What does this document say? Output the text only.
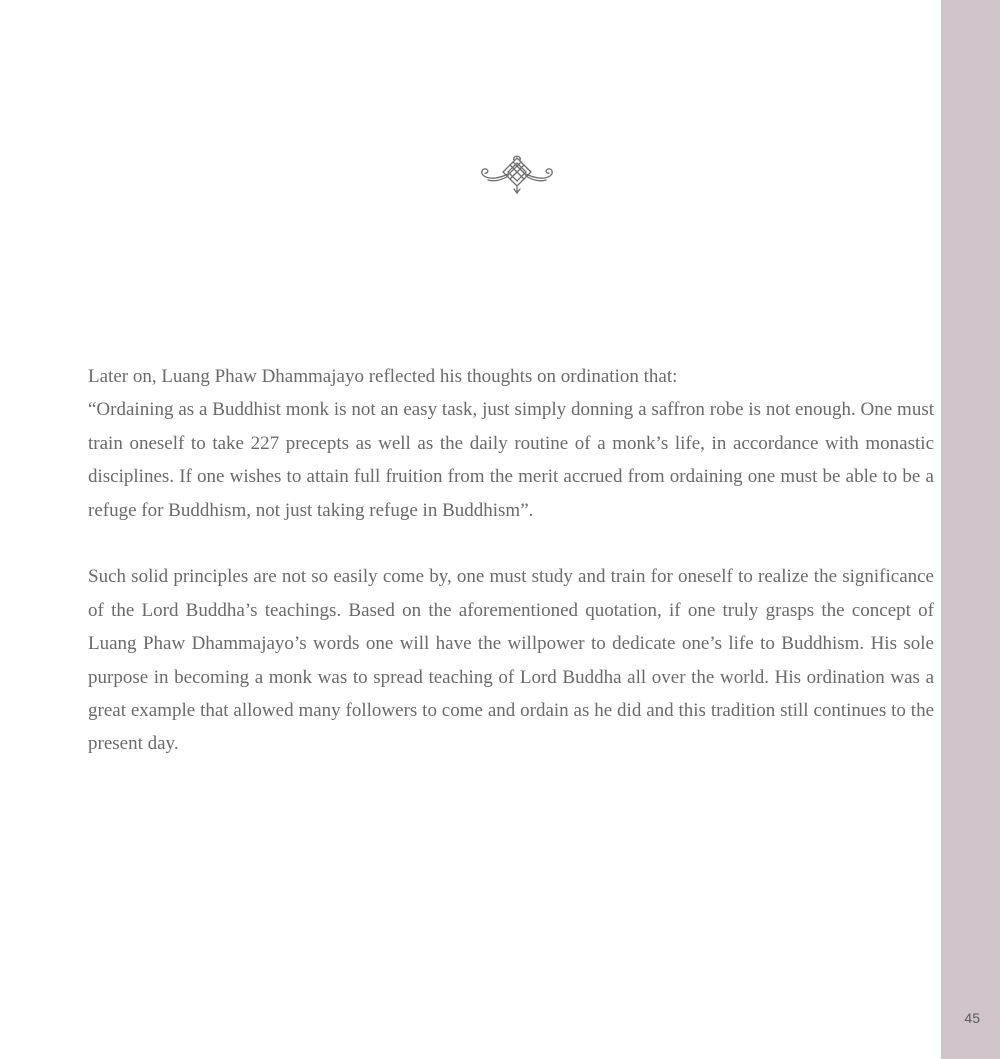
Later on, Luang Phaw Dhammajayo reflected his thoughts on ordination that:

“Ordaining as a Buddhist monk is not an easy task, just simply donning a saffron robe is not enough. One must train oneself to take 227 precepts as well as the daily routine of a monk’s life, in accordance with monastic disciplines. If one wishes to attain full fruition from the merit accrued from ordaining one must be able to be a refuge for Buddhism, not just taking refuge in Buddhism”.

Such solid principles are not so easily come by, one must study and train for oneself to realize the significance of the Lord Buddha’s teachings. Based on the aforementioned quotation, if one truly grasps the concept of Luang Phaw Dhammajayo’s words one will have the willpower to dedicate one’s life to Buddhism. His sole purpose in becoming a monk was to spread teaching of Lord Buddha all over the world. His ordination was a great example that allowed many followers to come and ordain as he did and this tradition still continues to the present day.

45
